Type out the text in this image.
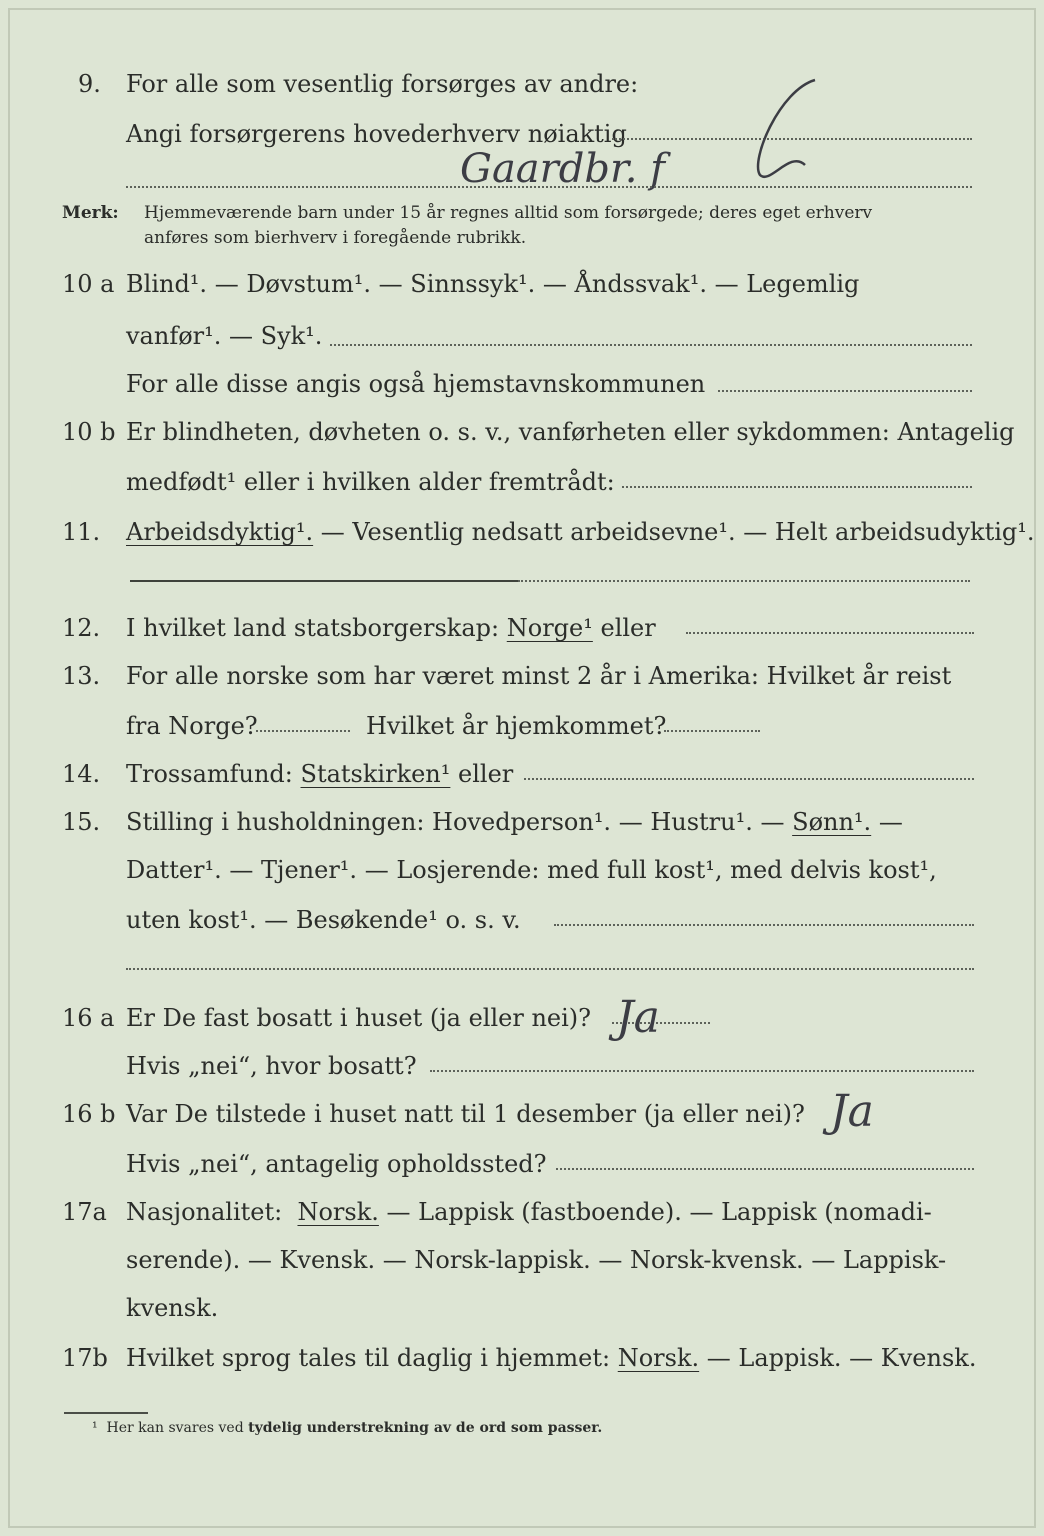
9. For alle som vesentlig forsørges av andre:
Angi forsørgerens hovederhverv nøiaktig
Gaardbr. f
Merk: Hjemmeværende barn under 15 år regnes alltid som forsørgede; deres eget erhverv
anføres som bierhverv i foregående rubrikk.
10 a Blind¹. — Døvstum¹. — Sinnssyk¹. — Åndssvak¹. — Legemlig
vanfør¹. — Syk¹.
For alle disse angis også hjemstavnskommunen
10 b Er blindheten, døvheten o. s. v., vanførheten eller sykdommen: Antagelig
medfødt¹ eller i hvilken alder fremtrådt:
11. Arbeidsdyktig¹. — Vesentlig nedsatt arbeidsevne¹. — Helt arbeidsudyktig¹.
12. I hvilket land statsborgerskap: Norge¹ eller
13. For alle norske som har været minst 2 år i Amerika: Hvilket år reist
fra Norge?	Hvilket år hjemkommet?
14. Trossamfund: Statskirken¹ eller
15. Stilling i husholdningen: Hovedperson¹. — Hustru¹. — Sønn¹. —
Datter¹. — Tjener¹. — Losjerende: med full kost¹, med delvis kost¹,
uten kost¹. — Besøkende¹ o. s. v.
16 a Er De fast bosatt i huset (ja eller nei)? Ja
Hvis „nei“, hvor bosatt?
16 b Var De tilstede i huset natt til 1 desember (ja eller nei)? Ja
Hvis „nei“, antagelig opholdssted?
17a Nasjonalitet: Norsk. — Lappisk (fastboende). — Lappisk (nomadi-
serende). — Kvensk. — Norsk-lappisk. — Norsk-kvensk. — Lappisk-
kvensk.
17b Hvilket sprog tales til daglig i hjemmet: Norsk. — Lappisk. — Kvensk.
¹ Her kan svares ved tydelig understrekning av de ord som passer.
